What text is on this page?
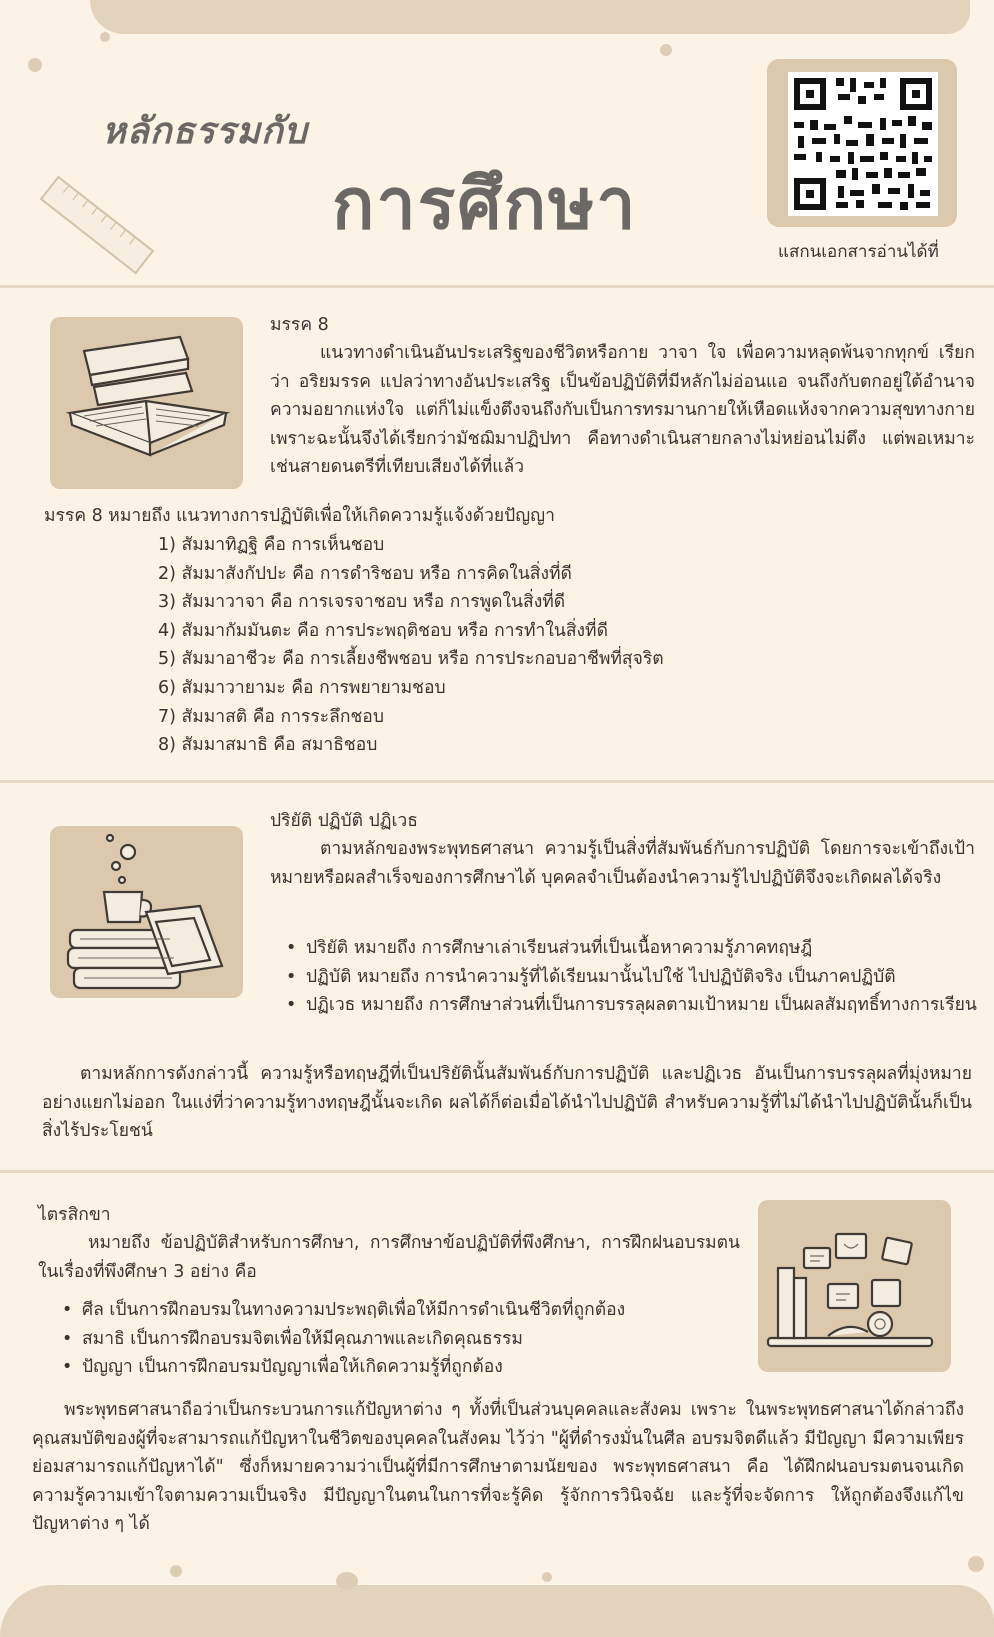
หลักธรรมกับ
การศึกษา
แสกนเอกสารอ่านได้ที่
มรรค 8
แนวทางดำเนินอันประเสริฐของชีวิตหรือกาย วาจา ใจ เพื่อความหลุดพ้นจากทุกข์ เรียกว่า อริยมรรค แปลว่าทางอันประเสริฐ เป็นข้อปฏิบัติที่มีหลักไม่อ่อนแอ จนถึงกับตกอยู่ใต้อำนาจ ความอยากแห่งใจ แต่ก็ไม่แข็งตึงจนถึงกับเป็นการทรมานกายให้เหือดแห้งจากความสุขทางกาย เพราะฉะนั้นจึงได้เรียกว่ามัชฌิมาปฏิปทา คือทางดำเนินสายกลางไม่หย่อนไม่ตึง แต่พอเหมาะเช่นสายดนตรีที่เทียบเสียงได้ที่แล้ว
มรรค 8 หมายถึง แนวทางการปฏิบัติเพื่อให้เกิดความรู้แจ้งด้วยปัญญา
1) สัมมาทิฏฐิ คือ การเห็นชอบ
2) สัมมาสังกัปปะ คือ การดำริชอบ หรือ การคิดในสิ่งที่ดี
3) สัมมาวาจา คือ การเจรจาชอบ หรือ การพูดในสิ่งที่ดี
4) สัมมากัมมันตะ คือ การประพฤติชอบ หรือ การทำในสิ่งที่ดี
5) สัมมาอาชีวะ คือ การเลี้ยงชีพชอบ หรือ การประกอบอาชีพที่สุจริต
6) สัมมาวายามะ คือ การพยายามชอบ
7) สัมมาสติ คือ การระลึกชอบ
8) สัมมาสมาธิ คือ สมาธิชอบ
ปริยัติ ปฏิบัติ ปฏิเวธ
ตามหลักของพระพุทธศาสนา ความรู้เป็นสิ่งที่สัมพันธ์กับการปฏิบัติ โดยการจะเข้าถึงเป้าหมายหรือผลสำเร็จของการศึกษาได้ บุคคลจำเป็นต้องนำความรู้ไปปฏิบัติจึงจะเกิดผลได้จริง
• ปริยัติ หมายถึง การศึกษาเล่าเรียนส่วนที่เป็นเนื้อหาความรู้ภาคทฤษฎี
• ปฏิบัติ หมายถึง การนำความรู้ที่ได้เรียนมานั้นไปใช้ ไปปฏิบัติจริง เป็นภาคปฏิบัติ
• ปฏิเวธ หมายถึง การศึกษาส่วนที่เป็นการบรรลุผลตามเป้าหมาย เป็นผลสัมฤทธิ์ทางการเรียน
ตามหลักการดังกล่าวนี้ ความรู้หรือทฤษฎีที่เป็นปริยัตินั้นสัมพันธ์กับการปฏิบัติ และปฏิเวธ อันเป็นการบรรลุผลที่มุ่งหมายอย่างแยกไม่ออก ในแง่ที่ว่าความรู้ทางทฤษฎีนั้นจะเกิด ผลได้ก็ต่อเมื่อได้นำไปปฏิบัติ สำหรับความรู้ที่ไม่ได้นำไปปฏิบัตินั้นก็เป็นสิ่งไร้ประโยชน์
ไตรสิกขา
หมายถึง ข้อปฏิบัติสำหรับการศึกษา, การศึกษาข้อปฏิบัติที่พึงศึกษา, การฝึกฝนอบรมตนในเรื่องที่พึงศึกษา 3 อย่าง คือ
• ศีล เป็นการฝึกอบรมในทางความประพฤติเพื่อให้มีการดำเนินชีวิตที่ถูกต้อง
• สมาธิ เป็นการฝึกอบรมจิตเพื่อให้มีคุณภาพและเกิดคุณธรรม
• ปัญญา เป็นการฝึกอบรมปัญญาเพื่อให้เกิดความรู้ที่ถูกต้อง
พระพุทธศาสนาถือว่าเป็นกระบวนการแก้ปัญหาต่าง ๆ ทั้งที่เป็นส่วนบุคคลและสังคม เพราะ ในพระพุทธศาสนาได้กล่าวถึง คุณสมบัติของผู้ที่จะสามารถแก้ปัญหาในชีวิตของบุคคลในสังคม ไว้ว่า "ผู้ที่ดำรงมั่นในศีล อบรมจิตดีแล้ว มีปัญญา มีความเพียร ย่อมสามารถแก้ปัญหาได้" ซึ่งก็หมายความว่าเป็นผู้ที่มีการศึกษาตามนัยของ พระพุทธศาสนา คือ ได้ฝึกฝนอบรมตนจนเกิดความรู้ความเข้าใจตามความเป็นจริง มีปัญญาในตนในการที่จะรู้คิด รู้จักการวินิจฉัย และรู้ที่จะจัดการ ให้ถูกต้องจึงแก้ไขปัญหาต่าง ๆ ได้
